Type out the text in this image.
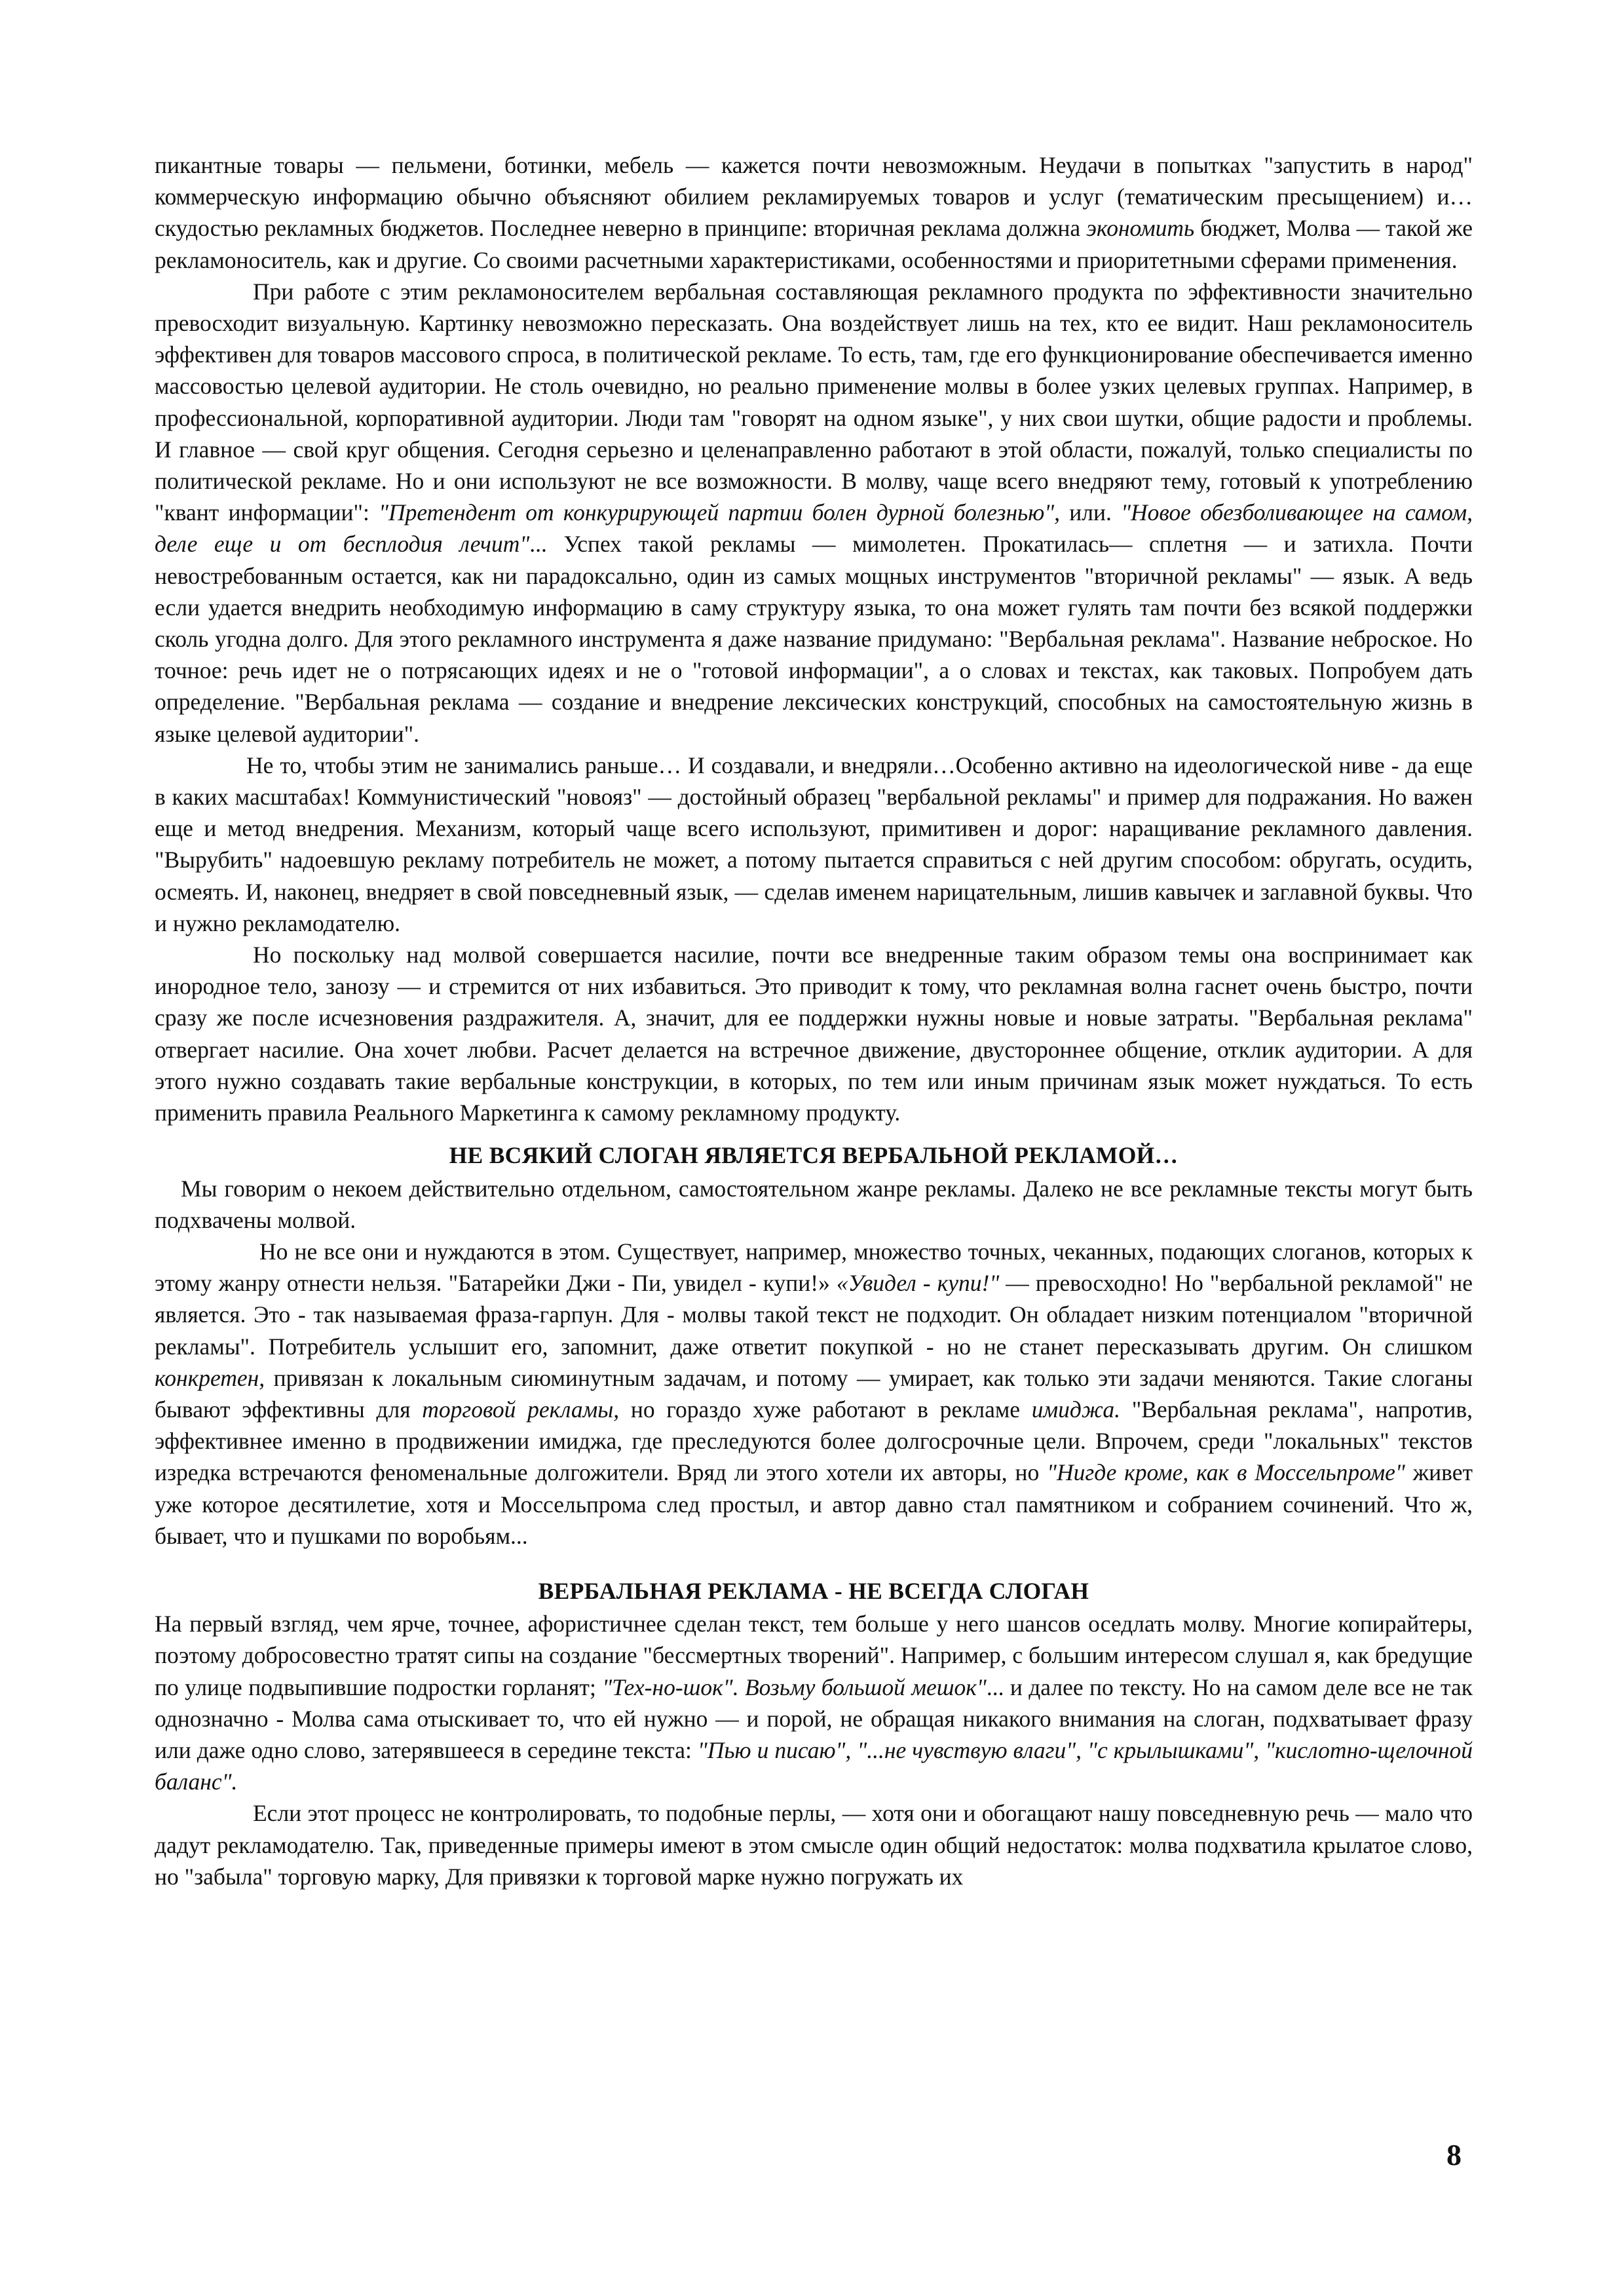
пикантные товары — пельмени, ботинки, мебель — кажется почти невозможным. Неудачи в попытках "запустить в народ" коммерческую информацию обычно объясняют обилием рекламируемых товаров и услуг (тематическим пресыщением) и… скудостью рекламных бюджетов. Последнее неверно в принципе: вторичная реклама должна экономить бюджет, Молва — такой же рекламоноситель, как и другие. Со своими расчетными характеристиками, особенностями и приоритетными сферами применения.

При работе с этим рекламоносителем вербальная составляющая рекламного продукта по эффективности значительно превосходит визуальную. Картинку невозможно пересказать. Она воздействует лишь на тех, кто ее видит. Наш рекламоноситель эффективен для товаров массового спроса, в политической рекламе. То есть, там, где его функционирование обеспечивается именно массовостью целевой аудитории. Не столь очевидно, но реально применение молвы в более узких целевых группах. Например, в профессиональной, корпоративной аудитории. Люди там "говорят на одном языке", у них свои шутки, общие радости и проблемы. И главное — свой круг общения. Сегодня серьезно и целенаправленно работают в этой области, пожалуй, только специалисты по политической рекламе. Но и они используют не все возможности. В молву, чаще всего внедряют тему, готовый к употреблению "квант информации": "Претендент от конкурирующей партии болен дурной болезнью", или. "Новое обезболивающее на самом, деле еще и от бесплодия лечит"... Успех такой рекламы — мимолетен. Прокатилась— сплетня — и затихла. Почти невостребованным остается, как ни парадоксально, один из самых мощных инструментов "вторичной рекламы" — язык. А ведь если удается внедрить необходимую информацию в саму структуру языка, то она может гулять там почти без всякой поддержки сколь угодна долго. Для этого рекламного инструмента я даже название придумано: "Вербальная реклама". Название неброское. Но точное: речь идет не о потрясающих идеях и не о "готовой информации", а о словах и текстах, как таковых. Попробуем дать определение. "Вербальная реклама — создание и внедрение лексических конструкций, способных на самостоятельную жизнь в языке целевой аудитории".

Не то, чтобы этим не занимались раньше… И создавали, и внедряли…Особенно активно на идеологической ниве - да еще в каких масштабах! Коммунистический "новояз" — достойный образец "вербальной рекламы" и пример для подражания. Но важен еще и метод внедрения. Механизм, который чаще всего используют, примитивен и дорог: наращивание рекламного давления. "Вырубить" надоевшую рекламу потребитель не может, а потому пытается справиться с ней другим способом: обругать, осудить, осмеять. И, наконец, внедряет в свой повседневный язык, — сделав именем нарицательным, лишив кавычек и заглавной буквы. Что и нужно рекламодателю.

Но поскольку над молвой совершается насилие, почти все внедренные таким образом темы она воспринимает как инородное тело, занозу — и стремится от них избавиться. Это приводит к тому, что рекламная волна гаснет очень быстро, почти сразу же после исчезновения раздражителя. А, значит, для ее поддержки нужны новые и новые затраты. "Вербальная реклама" отвергает насилие. Она хочет любви. Расчет делается на встречное движение, двустороннее общение, отклик аудитории. А для этого нужно создавать такие вербальные конструкции, в которых, по тем или иным причинам язык может нуждаться. То есть применить правила Реального Маркетинга к самому рекламному продукту.

НЕ ВСЯКИЙ СЛОГАН ЯВЛЯЕТСЯ ВЕРБАЛЬНОЙ РЕКЛАМОЙ…

Мы говорим о некоем действительно отдельном, самостоятельном жанре рекламы. Далеко не все рекламные тексты могут быть подхвачены молвой.

Но не все они и нуждаются в этом. Существует, например, множество точных, чеканных, подающих слоганов, которых к этому жанру отнести нельзя. "Батарейки Джи - Пи, увидел - купи!» «Увидел - купи!" — превосходно! Но "вербальной рекламой" не является. Это - так называемая фраза-гарпун. Для - молвы такой текст не подходит. Он обладает низким потенциалом "вторичной рекламы". Потребитель услышит его, запомнит, даже ответит покупкой - но не станет пересказывать другим. Он слишком конкретен, привязан к локальным сиюминутным задачам, и потому — умирает, как только эти задачи меняются. Такие слоганы бывают эффективны для торговой рекламы, но гораздо хуже работают в рекламе имиджа. "Вербальная реклама", напротив, эффективнее именно в продвижении имиджа, где преследуются более долгосрочные цели. Впрочем, среди "локальных" текстов изредка встречаются феноменальные долгожители. Вряд ли этого хотели их авторы, но "Нигде кроме, как в Моссельпроме" живет уже которое десятилетие, хотя и Моссельпрома след простыл, и автор давно стал памятником и собранием сочинений. Что ж, бывает, что и пушками по воробьям...

ВЕРБАЛЬНАЯ РЕКЛАМА - НЕ ВСЕГДА СЛОГАН

На первый взгляд, чем ярче, точнее, афористичнее сделан текст, тем больше у него шансов оседлать молву. Многие копирайтеры, поэтому добросовестно тратят сипы на создание "бессмертных творений". Например, с большим интересом слушал я, как бредущие по улице подвыпившие подростки горланят; "Тех-но-шок". Возьму большой мешок"... и далее по тексту. Но на самом деле все не так однозначно - Молва сама отыскивает то, что ей нужно — и порой, не обращая никакого внимания на слоган, подхватывает фразу или даже одно слово, затерявшееся в середине текста: "Пью и писаю", "...не чувствую влаги", "с крылышками", "кислотно-щелочной баланс".

Если этот процесс не контролировать, то подобные перлы, — хотя они и обогащают нашу повседневную речь — мало что дадут рекламодателю. Так, приведенные примеры имеют в этом смысле один общий недостаток: молва подхватила крылатое слово, но "забыла" торговую марку, Для привязки к торговой марке нужно погружать их

8
